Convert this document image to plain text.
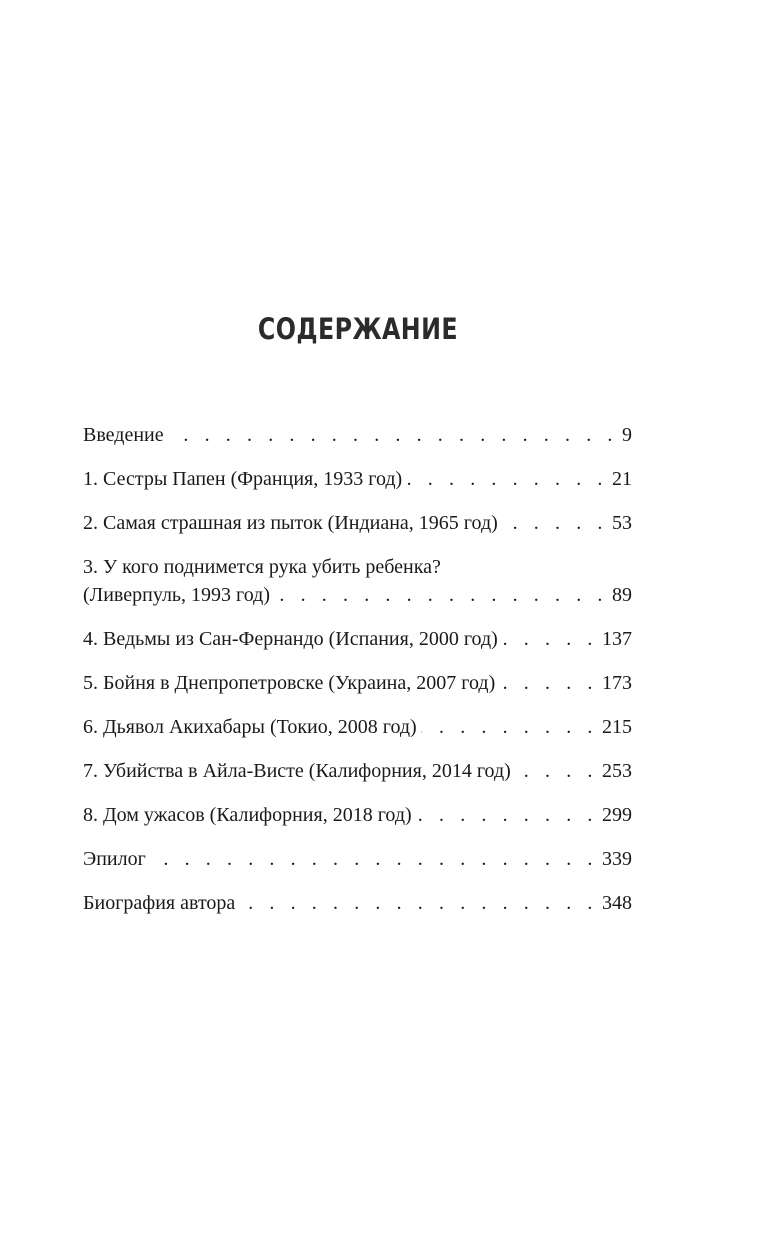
СОДЕРЖАНИЕ
Введение . . .	9
1. Сестры Папен (Франция, 1933 год) . . .	21
2. Самая страшная из пыток (Индиана, 1965 год) . . .	53
3. У кого поднимется рука убить ребенка?
(Ливерпуль, 1993 год) . . .	89
4. Ведьмы из Сан-Фернандо (Испания, 2000 год) . . .	137
5. Бойня в Днепропетровске (Украина, 2007 год) . . .	173
6. Дьявол Акихабары (Токио, 2008 год) . . .	215
7. Убийства в Айла-Висте (Калифорния, 2014 год) . . .	253
8. Дом ужасов (Калифорния, 2018 год) . . .	299
Эпилог . . .	339
Биография автора . . .	348
